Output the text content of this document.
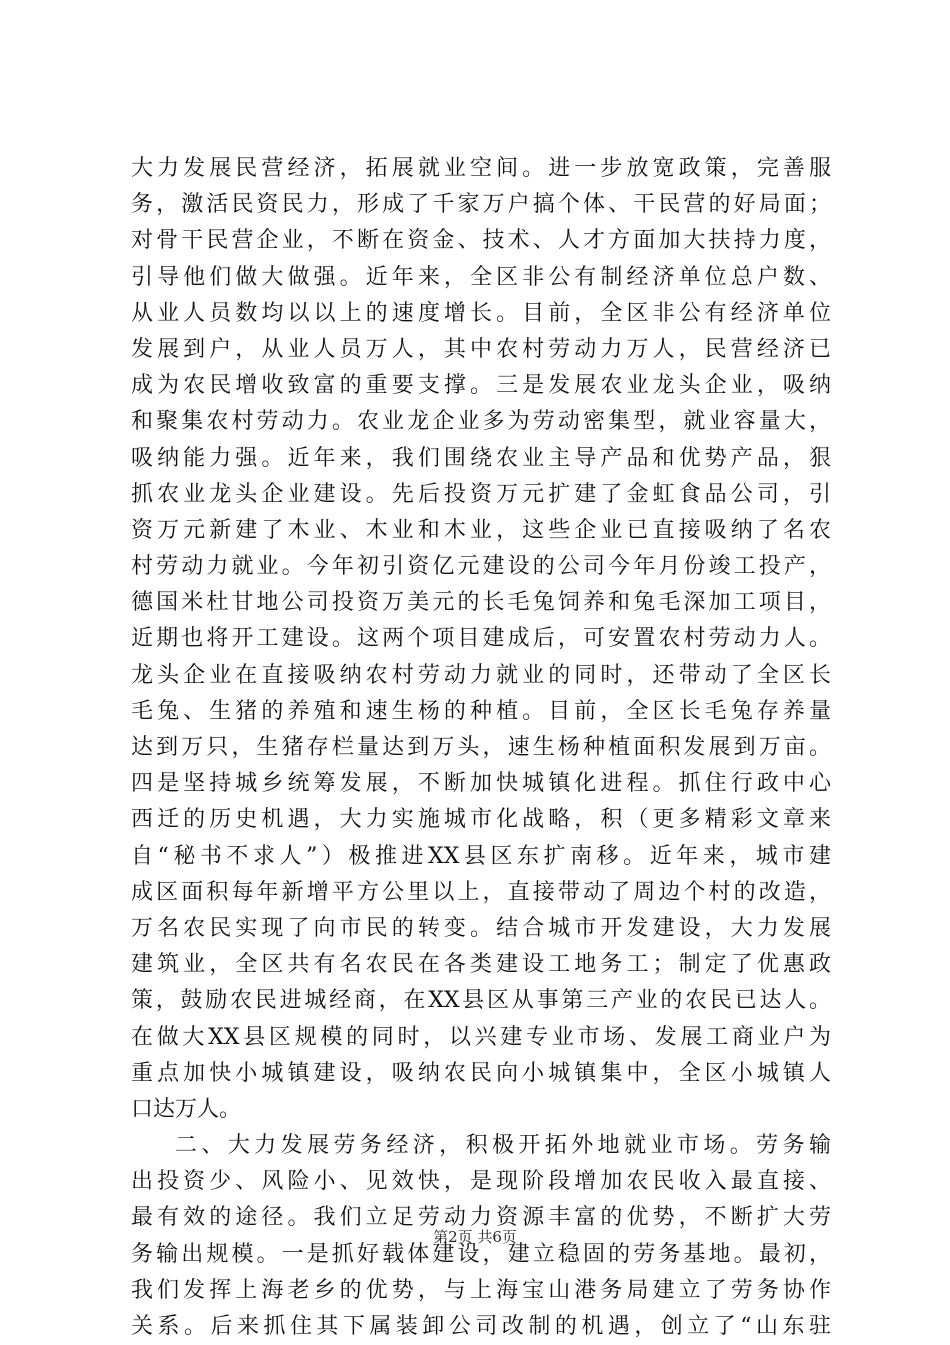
大力发展民营经济，拓展就业空间。进一步放宽政策，完善服
务，激活民资民力，形成了千家万户搞个体、干民营的好局面；
对骨干民营企业，不断在资金、技术、人才方面加大扶持力度，
引导他们做大做强。近年来，全区非公有制经济单位总户数、
从业人员数均以以上的速度增长。目前，全区非公有经济单位
发展到户，从业人员万人，其中农村劳动力万人，民营经济已
成为农民增收致富的重要支撑。三是发展农业龙头企业，吸纳
和聚集农村劳动力。农业龙企业多为劳动密集型，就业容量大，
吸纳能力强。近年来，我们围绕农业主导产品和优势产品，狠
抓农业龙头企业建设。先后投资万元扩建了金虹食品公司，引
资万元新建了木业、木业和木业，这些企业已直接吸纳了名农
村劳动力就业。今年初引资亿元建设的公司今年月份竣工投产，
德国米杜甘地公司投资万美元的长毛兔饲养和兔毛深加工项目，
近期也将开工建设。这两个项目建成后，可安置农村劳动力人。
龙头企业在直接吸纳农村劳动力就业的同时，还带动了全区长
毛兔、生猪的养殖和速生杨的种植。目前，全区长毛兔存养量
达到万只，生猪存栏量达到万头，速生杨种植面积发展到万亩。
四是坚持城乡统筹发展，不断加快城镇化进程。抓住行政中心
西迁的历史机遇，大力实施城市化战略，积（更多精彩文章来
自“秘书不求人”）极推进XX县区东扩南移。近年来，城市建
成区面积每年新增平方公里以上，直接带动了周边个村的改造，
万名农民实现了向市民的转变。结合城市开发建设，大力发展
建筑业，全区共有名农民在各类建设工地务工；制定了优惠政
策，鼓励农民进城经商，在XX县区从事第三产业的农民已达人。
在做大XX县区规模的同时，以兴建专业市场、发展工商业户为
重点加快小城镇建设，吸纳农民向小城镇集中，全区小城镇人
口达万人。
二、大力发展劳务经济，积极开拓外地就业市场。劳务输
出投资少、风险小、见效快，是现阶段增加农民收入最直接、
最有效的途径。我们立足劳动力资源丰富的优势，不断扩大劳
务输出规模。一是抓好载体建设，建立稳固的劳务基地。最初，
我们发挥上海老乡的优势，与上海宝山港务局建立了劳务协作
关系。后来抓住其下属装卸公司改制的机遇，创立了“山东驻
第2页 共6页
